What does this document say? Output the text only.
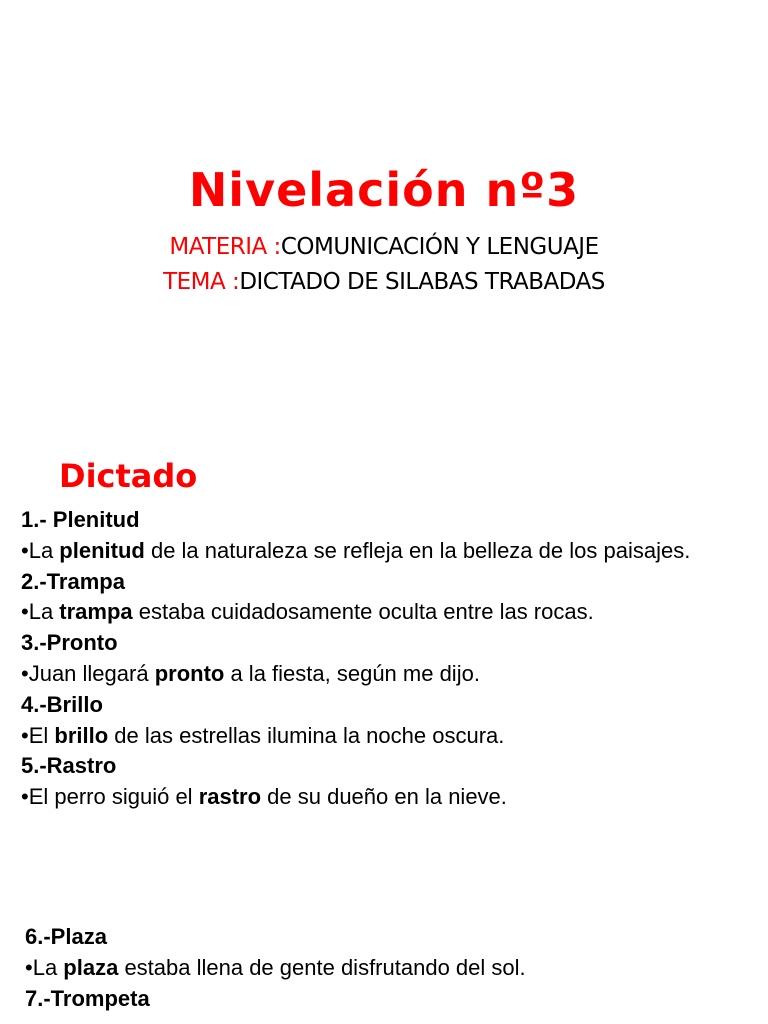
Nivelación nº3
MATERIA :COMUNICACIÓN Y LENGUAJE
TEMA :DICTADO DE SILABAS TRABADAS
Dictado
1.- Plenitud
•La plenitud de la naturaleza se refleja en la belleza de los paisajes.
2.-Trampa
•La trampa estaba cuidadosamente oculta entre las rocas.
3.-Pronto
•Juan llegará pronto a la fiesta, según me dijo.
4.-Brillo
•El brillo de las estrellas ilumina la noche oscura.
5.-Rastro
•El perro siguió el rastro de su dueño en la nieve.
6.-Plaza
•La plaza estaba llena de gente disfrutando del sol.
7.-Trompeta
